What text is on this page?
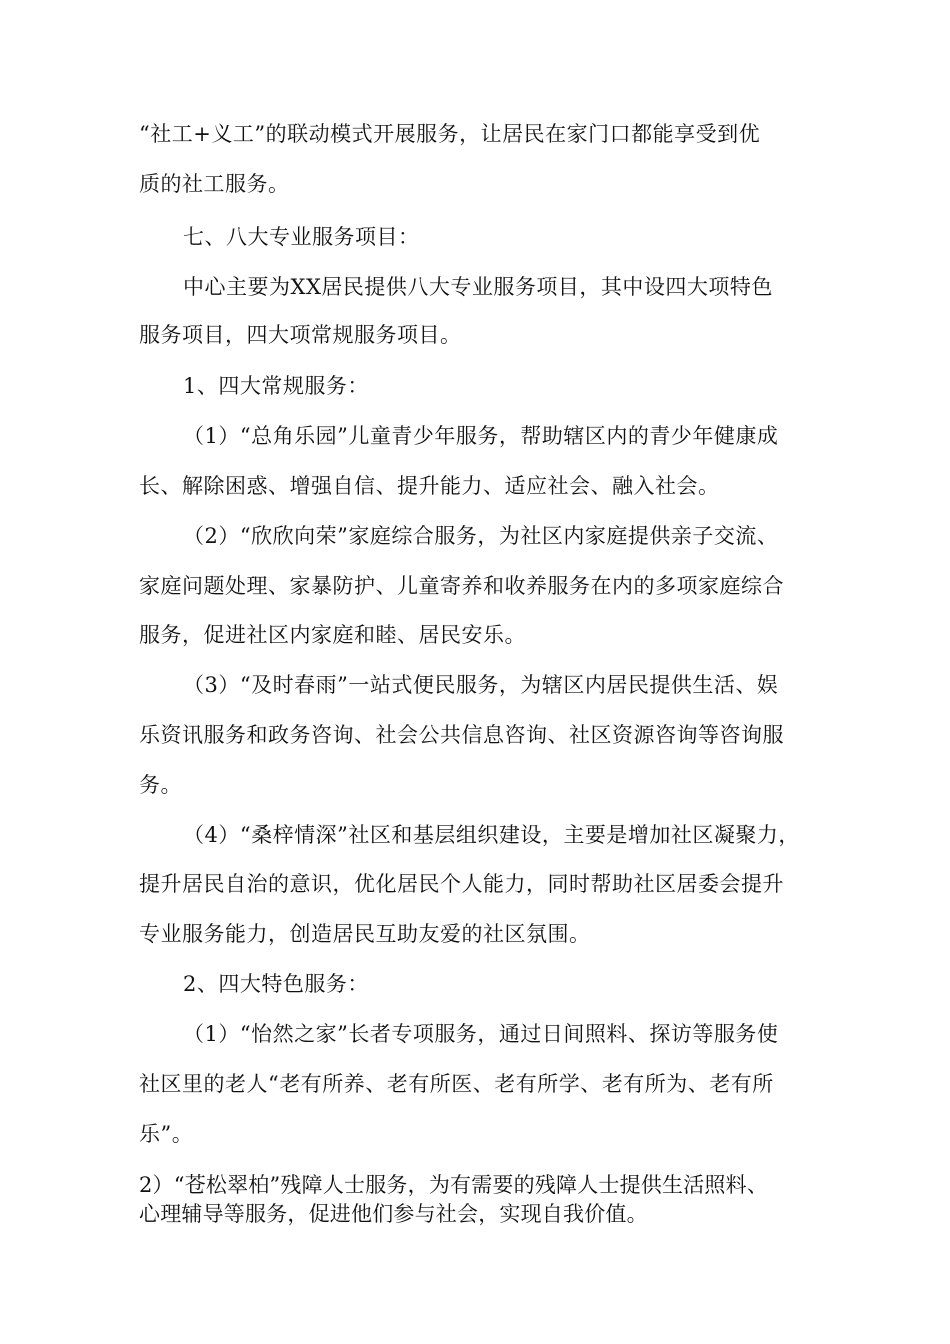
“社工+义工”的联动模式开展服务，让居民在家门口都能享受到优
质的社工服务。
七、八大专业服务项目：
中心主要为XX居民提供八大专业服务项目，其中设四大项特色
服务项目，四大项常规服务项目。
1、四大常规服务：
（1）“总角乐园”儿童青少年服务，帮助辖区内的青少年健康成
长、解除困惑、增强自信、提升能力、适应社会、融入社会。
（2）“欣欣向荣”家庭综合服务，为社区内家庭提供亲子交流、
家庭问题处理、家暴防护、儿童寄养和收养服务在内的多项家庭综合
服务，促进社区内家庭和睦、居民安乐。
（3）“及时春雨”一站式便民服务，为辖区内居民提供生活、娱
乐资讯服务和政务咨询、社会公共信息咨询、社区资源咨询等咨询服
务。
（4）“桑梓情深”社区和基层组织建设，主要是增加社区凝聚力，
提升居民自治的意识，优化居民个人能力，同时帮助社区居委会提升
专业服务能力，创造居民互助友爱的社区氛围。
2、四大特色服务：
（1）“怡然之家”长者专项服务，通过日间照料、探访等服务使
社区里的老人“老有所养、老有所医、老有所学、老有所为、老有所
乐”。
2）“苍松翠柏”残障人士服务，为有需要的残障人士提供生活照料、
心理辅导等服务，促进他们参与社会，实现自我价值。
